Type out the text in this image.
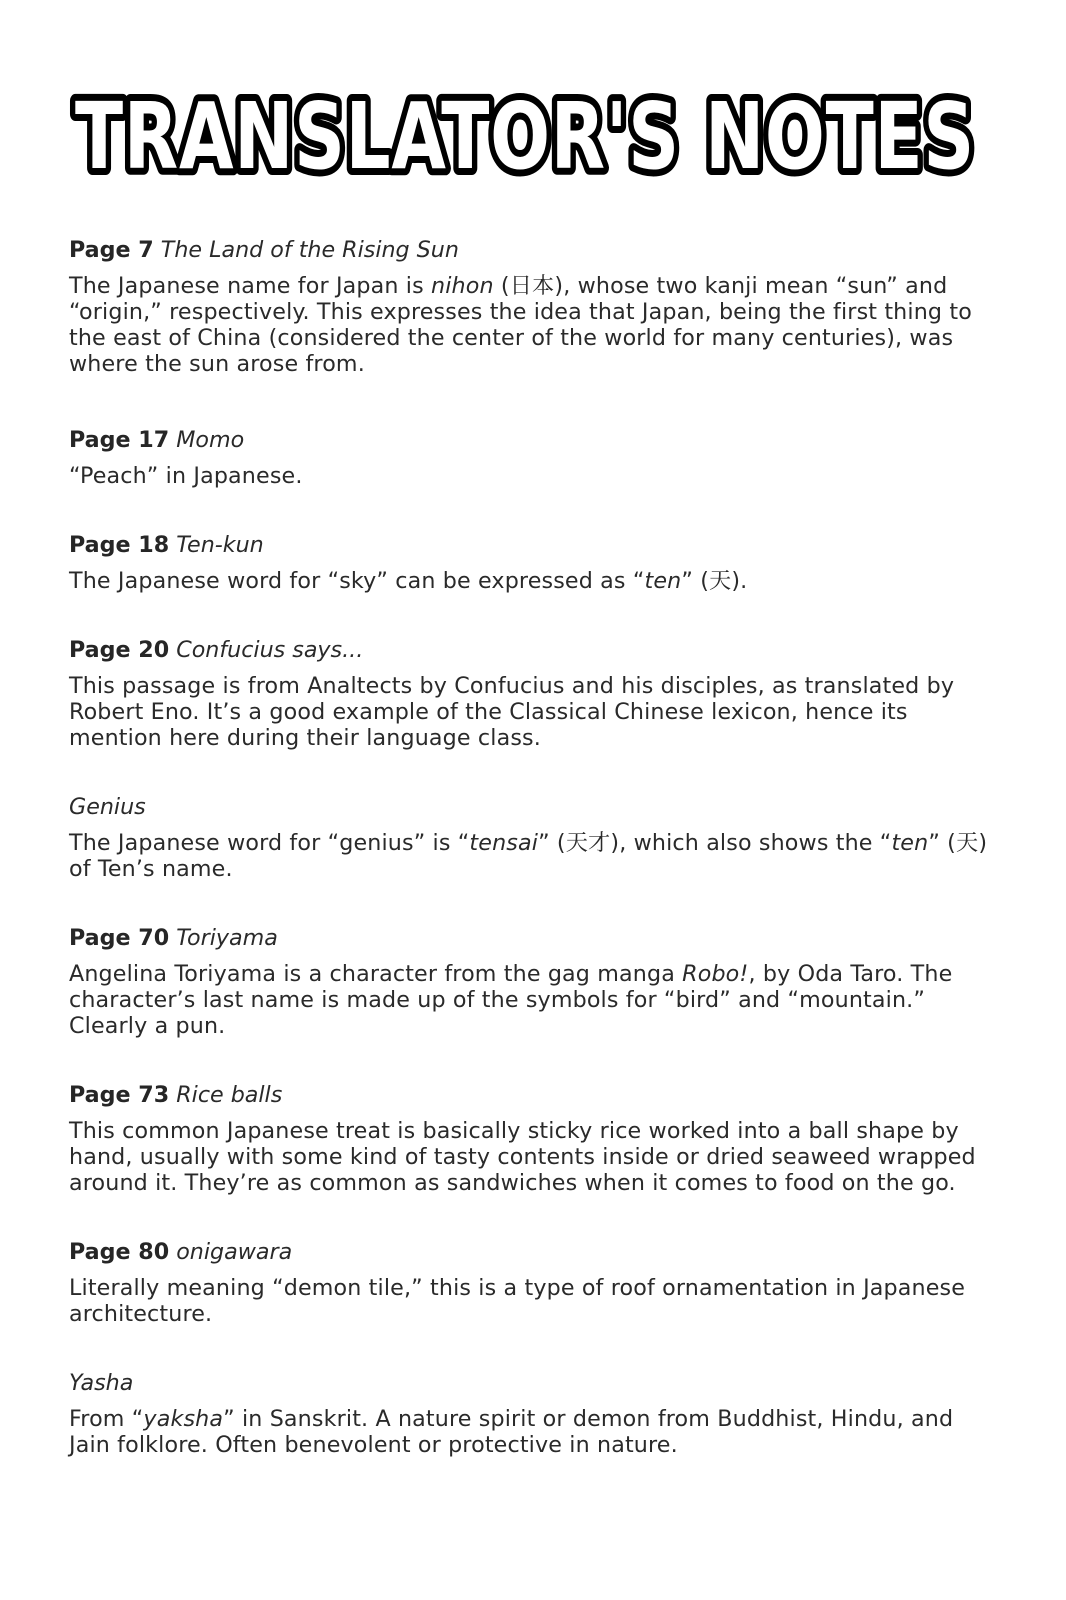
TRANSLATOR'S NOTES
TRANSLATOR'S NOTES
Page 7 The Land of the Rising Sun
The Japanese name for Japan is nihon (日本), whose two kanji mean “sun” and “origin,” respectively. This expresses the idea that Japan, being the first thing to the east of China (considered the center of the world for many centuries), was where the sun arose from.
Page 17 Momo
“Peach” in Japanese.
Page 18 Ten-kun
The Japanese word for “sky” can be expressed as “ten” (天).
Page 20 Confucius says...
This passage is from Analtects by Confucius and his disciples, as translated by Robert Eno. It’s a good example of the Classical Chinese lexicon, hence its mention here during their language class.
Genius
The Japanese word for “genius” is “tensai” (天才), which also shows the “ten” (天) of Ten’s name.
Page 70 Toriyama
Angelina Toriyama is a character from the gag manga Robo!, by Oda Taro. The character’s last name is made up of the symbols for “bird” and “mountain.” Clearly a pun.
Page 73 Rice balls
This common Japanese treat is basically sticky rice worked into a ball shape by hand, usually with some kind of tasty contents inside or dried seaweed wrapped around it. They’re as common as sandwiches when it comes to food on the go.
Page 80 onigawara
Literally meaning “demon tile,” this is a type of roof ornamentation in Japanese architecture.
Yasha
From “yaksha” in Sanskrit. A nature spirit or demon from Buddhist, Hindu, and Jain folklore. Often benevolent or protective in nature.
